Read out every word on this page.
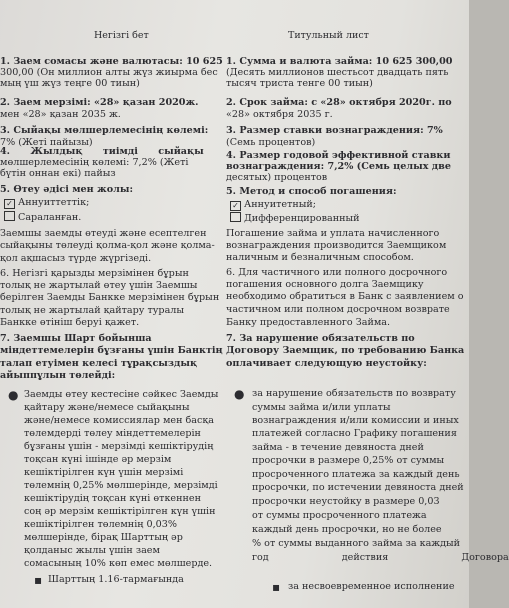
Негізгі бет
1. Заем сомасы және валютасы: 10 625
300,00 (Он миллион алты жүз жиырма бес
мың үш жүз теңге 00 тиын)
2. Заем мерзімі: «28» қазан 2020ж.
мен «28» қазан 2035 ж.
3. Сыйақы мөлшерлемесінің көлемі:
7% (Жеті пайызы)
4. Жылдық тиімді сыйақы
мөлшерлемесінің көлемі: 7,2% (Жеті
бүтін оннан екі) пайыз
5. Өтеу әдісі мен жолы:
✓ Аннуиттеттік;
Сараланған.
Заемшы заемды өтеуді және есептелген
сыйақыны төлеуді қолма-қол және қолма-
қол ақшасыз түрде жүргізеді.
6. Негізгі қарызды мерзімінен бұрын
толық не жартылай өтеу үшін Заемшы
берілген Заемды Банкке мерзімінен бұрын
толық не жартылай қайтару туралы
Банкке өтініш беруі қажет.
7. Заемшы Шарт бойынша
міндеттемелерін бұзғаны үшін Банктің
талап етуімен келесі тұрақсыздық
айыппұлын төлейді:
● Заемды өтеу кестесіне сәйкес Заемды
қайтару және/немесе сыйақыны
және/немесе комиссиялар мен басқа
төлемдерді төлеу міндеттемелерін
бұзғаны үшін - мерзімді кешіктірудің
тоқсан күні ішінде әр мерзім
кешіктірілген күн үшін мерзімі
төлемнің 0,25% мөлшерінде, мерзімді
кешіктірудің тоқсан күні өткеннен
соң әр мерзім кешіктірілген күн үшін
кешіктірілген төлемнің 0,03%
мөлшерінде, бірақ Шарттың әр
қолданыс жылы үшін заем
сомасының 10% көп емес мөлшерде.
▪ Шарттың 1.16-тармағында
Титульный лист
1. Сумма и валюта займа: 10 625 300,00
(Десять миллионов шестьсот двадцать пять
тысяч триста тенге 00 тиын)
2. Срок займа: с «28» октября 2020г. по
«28» октября 2035 г.
3. Размер ставки вознаграждения: 7%
(Семь процентов)
4. Размер годовой эффективной ставки
вознаграждения: 7,2% (Семь целых две
десятых) процентов
5. Метод и способ погашения:
✓ Аннуитетный;
Дифференцированный
Погашение займа и уплата начисленного
вознаграждения производится Заемщиком
наличным и безналичным способом.
6. Для частичного или полного досрочного
погашения основного долга Заемщику
необходимо обратиться в Банк с заявлением о
частичном или полном досрочном возврате
Банку предоставленного Займа.
7. За нарушение обязательств по
Договору Заемщик, по требованию Банка
оплачивает следующую неустойку:
● за нарушение обязательств по возврату
суммы займа и/или уплаты
вознаграждения и/или комиссии и иных
платежей согласно Графику погашения
займа - в течение девяноста дней
просрочки в размере 0,25% от суммы
просроченного платежа за каждый день
просрочки, по истечении девяноста дней
просрочки неустойку в размере 0,03
от суммы просроченного платежа
каждый день просрочки, но не более
% от суммы выданного займа за каждый
год действия Договора
▪ за несвоевременное исполнение
